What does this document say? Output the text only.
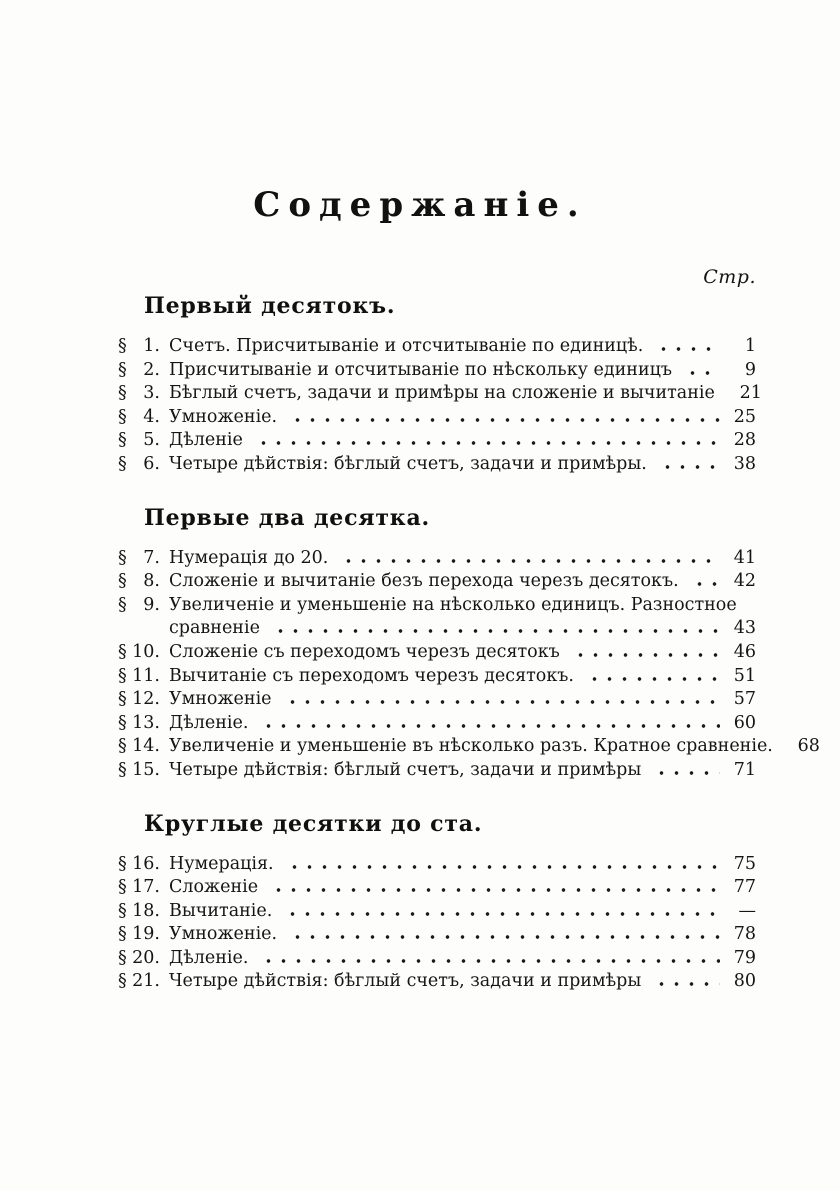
Содержаніе.
Стр.
Первый десятокъ.
§ 1. Счетъ. Присчитываніе и отсчитываніе по единицѣ.	1
§ 2. Присчитываніе и отсчитываніе по нѣскольку единицъ	9
§ 3. Бѣглый счетъ, задачи и примѣры на сложеніе и вычитаніе	21
§ 4. Умноженіе.	25
§ 5. Дѣленіе	28
§ 6. Четыре дѣйствія: бѣглый счетъ, задачи и примѣры.	38
Первые два десятка.
§ 7. Нумерація до 20.	41
§ 8. Сложеніе и вычитаніе безъ перехода черезъ десятокъ.	42
§ 9. Увеличеніе и уменьшеніе на нѣсколько единицъ. Разностное
сравненіе	43
§ 10. Сложеніе съ переходомъ черезъ десятокъ	46
§ 11. Вычитаніе съ переходомъ черезъ десятокъ.	51
§ 12. Умноженіе	57
§ 13. Дѣленіе.	60
§ 14. Увеличеніе и уменьшеніе въ нѣсколько разъ. Кратное сравненіе.	68
§ 15. Четыре дѣйствія: бѣглый счетъ, задачи и примѣры	71
Круглые десятки до ста.
§ 16. Нумерація.	75
§ 17. Сложеніе	77
§ 18. Вычитаніе.	—
§ 19. Умноженіе.	78
§ 20. Дѣленіе.	79
§ 21. Четыре дѣйствія: бѣглый счетъ, задачи и примѣры	80
